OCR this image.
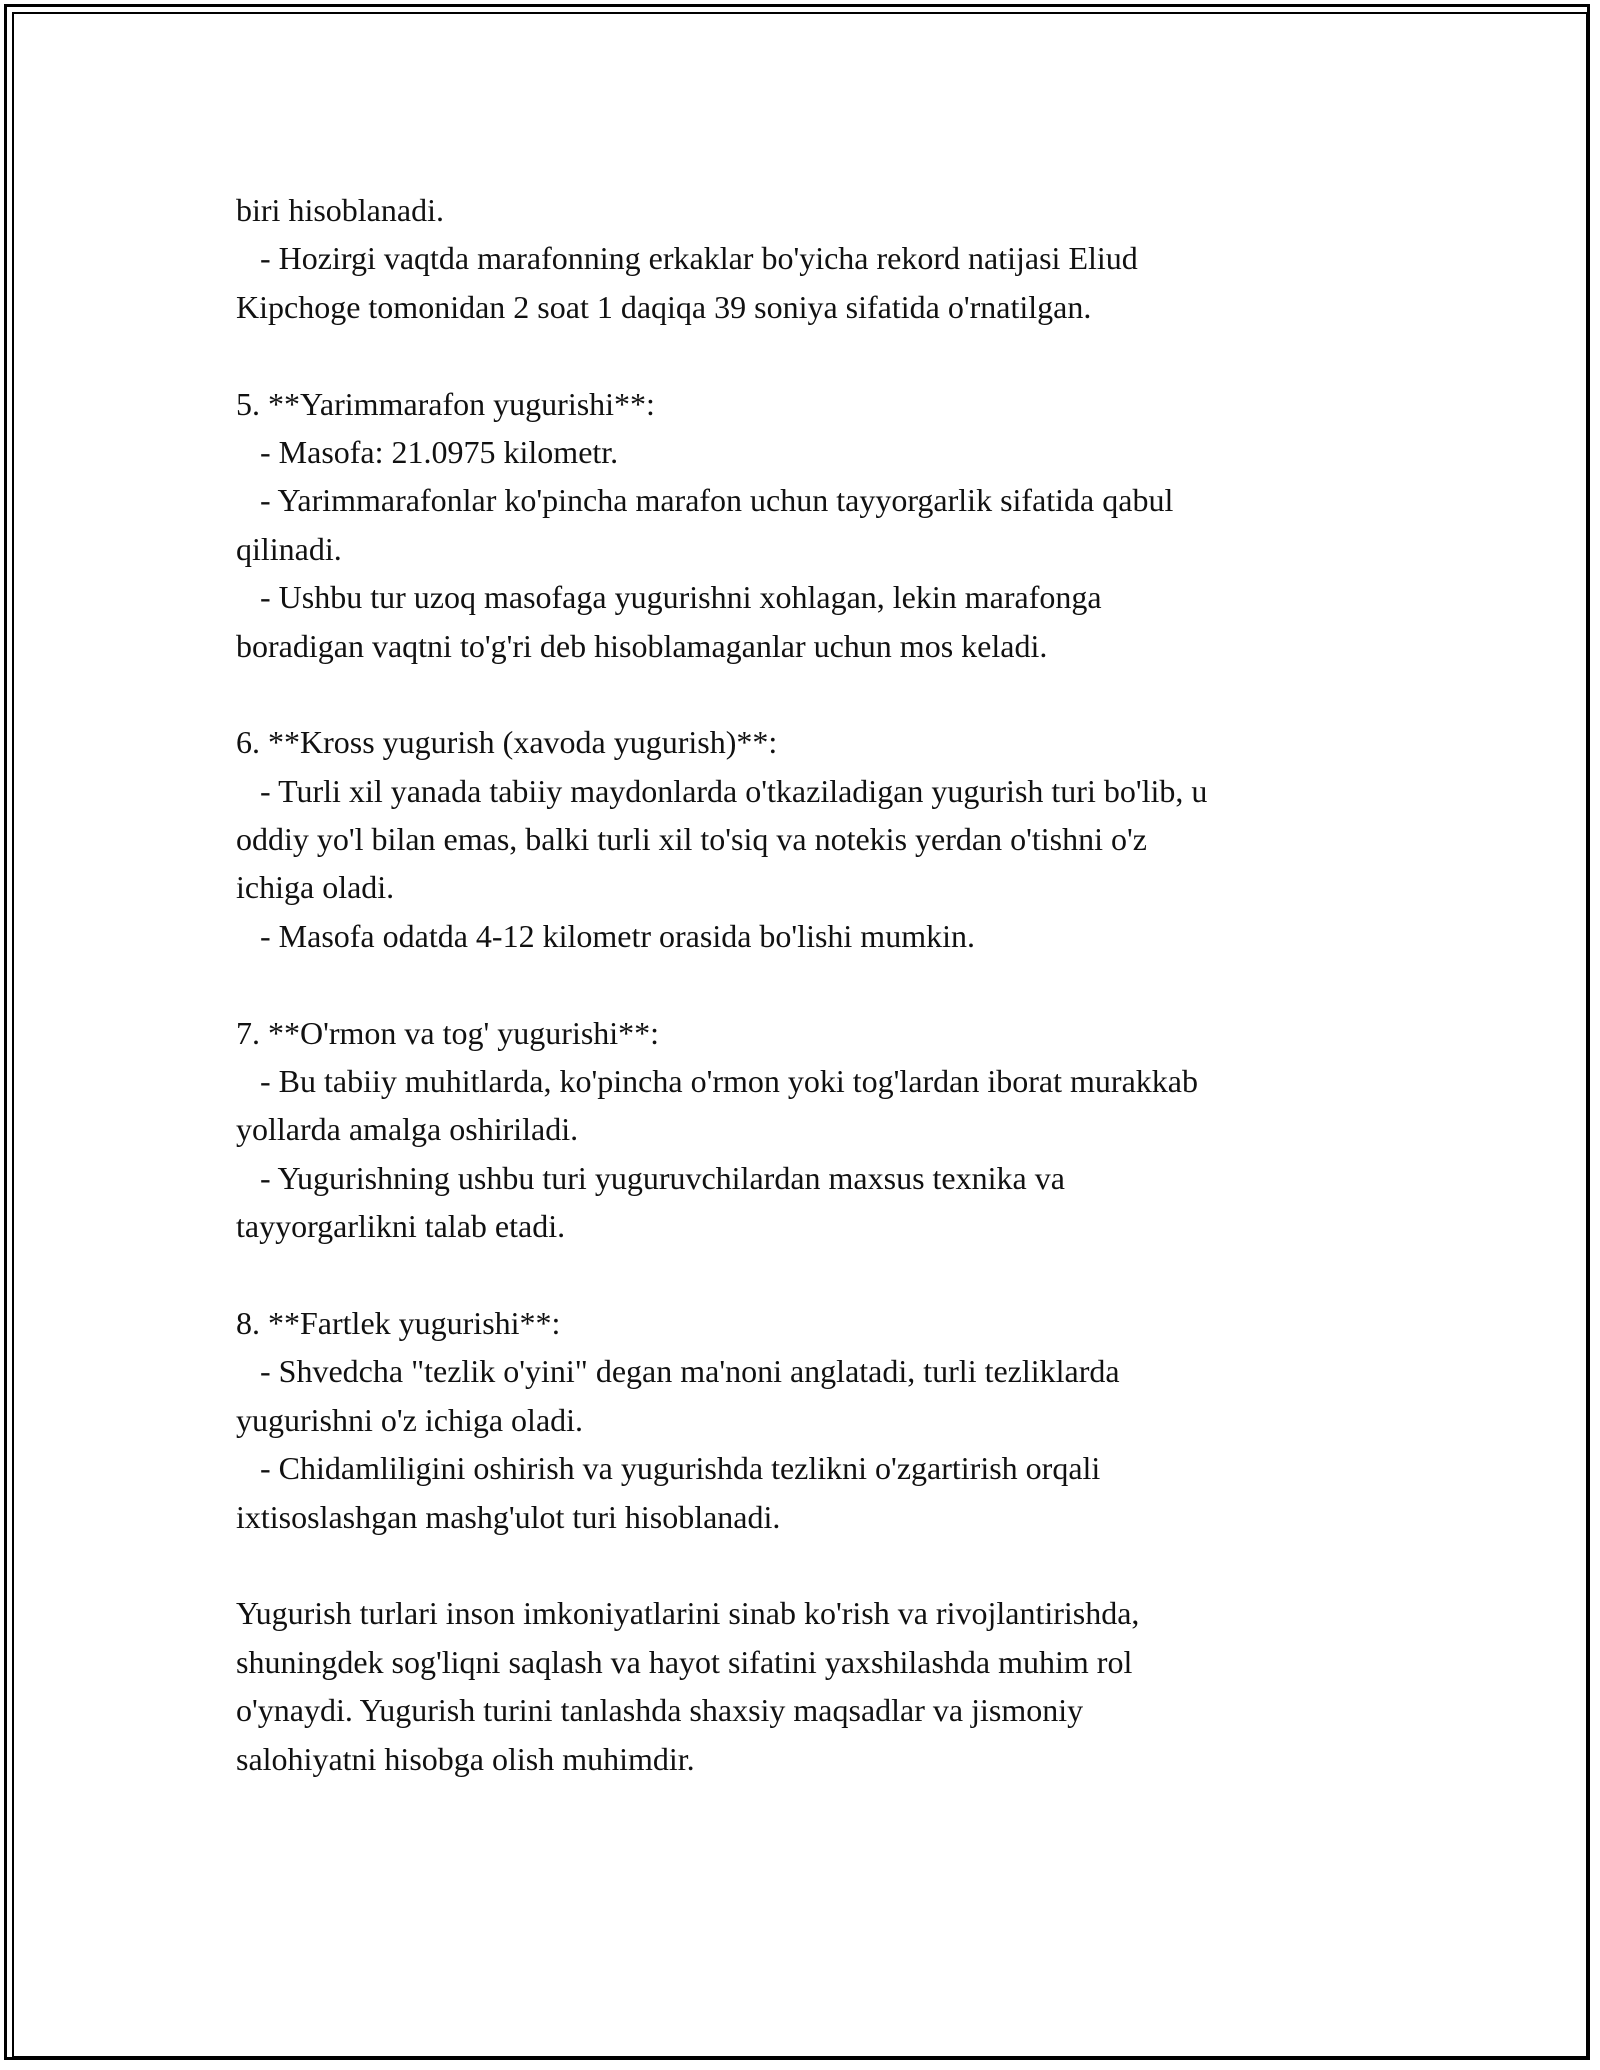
biri hisoblanadi.
- Hozirgi vaqtda marafonning erkaklar bo'yicha rekord natijasi Eliud
Kipchoge tomonidan 2 soat 1 daqiqa 39 soniya sifatida o'rnatilgan.
5. **Yarimmarafon yugurishi**:
- Masofa: 21.0975 kilometr.
- Yarimmarafonlar ko'pincha marafon uchun tayyorgarlik sifatida qabul
qilinadi.
- Ushbu tur uzoq masofaga yugurishni xohlagan, lekin marafonga
boradigan vaqtni to'g'ri deb hisoblamaganlar uchun mos keladi.
6. **Kross yugurish (xavoda yugurish)**:
- Turli xil yanada tabiiy maydonlarda o'tkaziladigan yugurish turi bo'lib, u
oddiy yo'l bilan emas, balki turli xil to'siq va notekis yerdan o'tishni o'z
ichiga oladi.
- Masofa odatda 4-12 kilometr orasida bo'lishi mumkin.
7. **O'rmon va tog' yugurishi**:
- Bu tabiiy muhitlarda, ko'pincha o'rmon yoki tog'lardan iborat murakkab
yollarda amalga oshiriladi.
- Yugurishning ushbu turi yuguruvchilardan maxsus texnika va
tayyorgarlikni talab etadi.
8. **Fartlek yugurishi**:
- Shvedcha "tezlik o'yini" degan ma'noni anglatadi, turli tezliklarda
yugurishni o'z ichiga oladi.
- Chidamliligini oshirish va yugurishda tezlikni o'zgartirish orqali
ixtisoslashgan mashg'ulot turi hisoblanadi.
Yugurish turlari inson imkoniyatlarini sinab ko'rish va rivojlantirishda,
shuningdek sog'liqni saqlash va hayot sifatini yaxshilashda muhim rol
o'ynaydi. Yugurish turini tanlashda shaxsiy maqsadlar va jismoniy
salohiyatni hisobga olish muhimdir.
